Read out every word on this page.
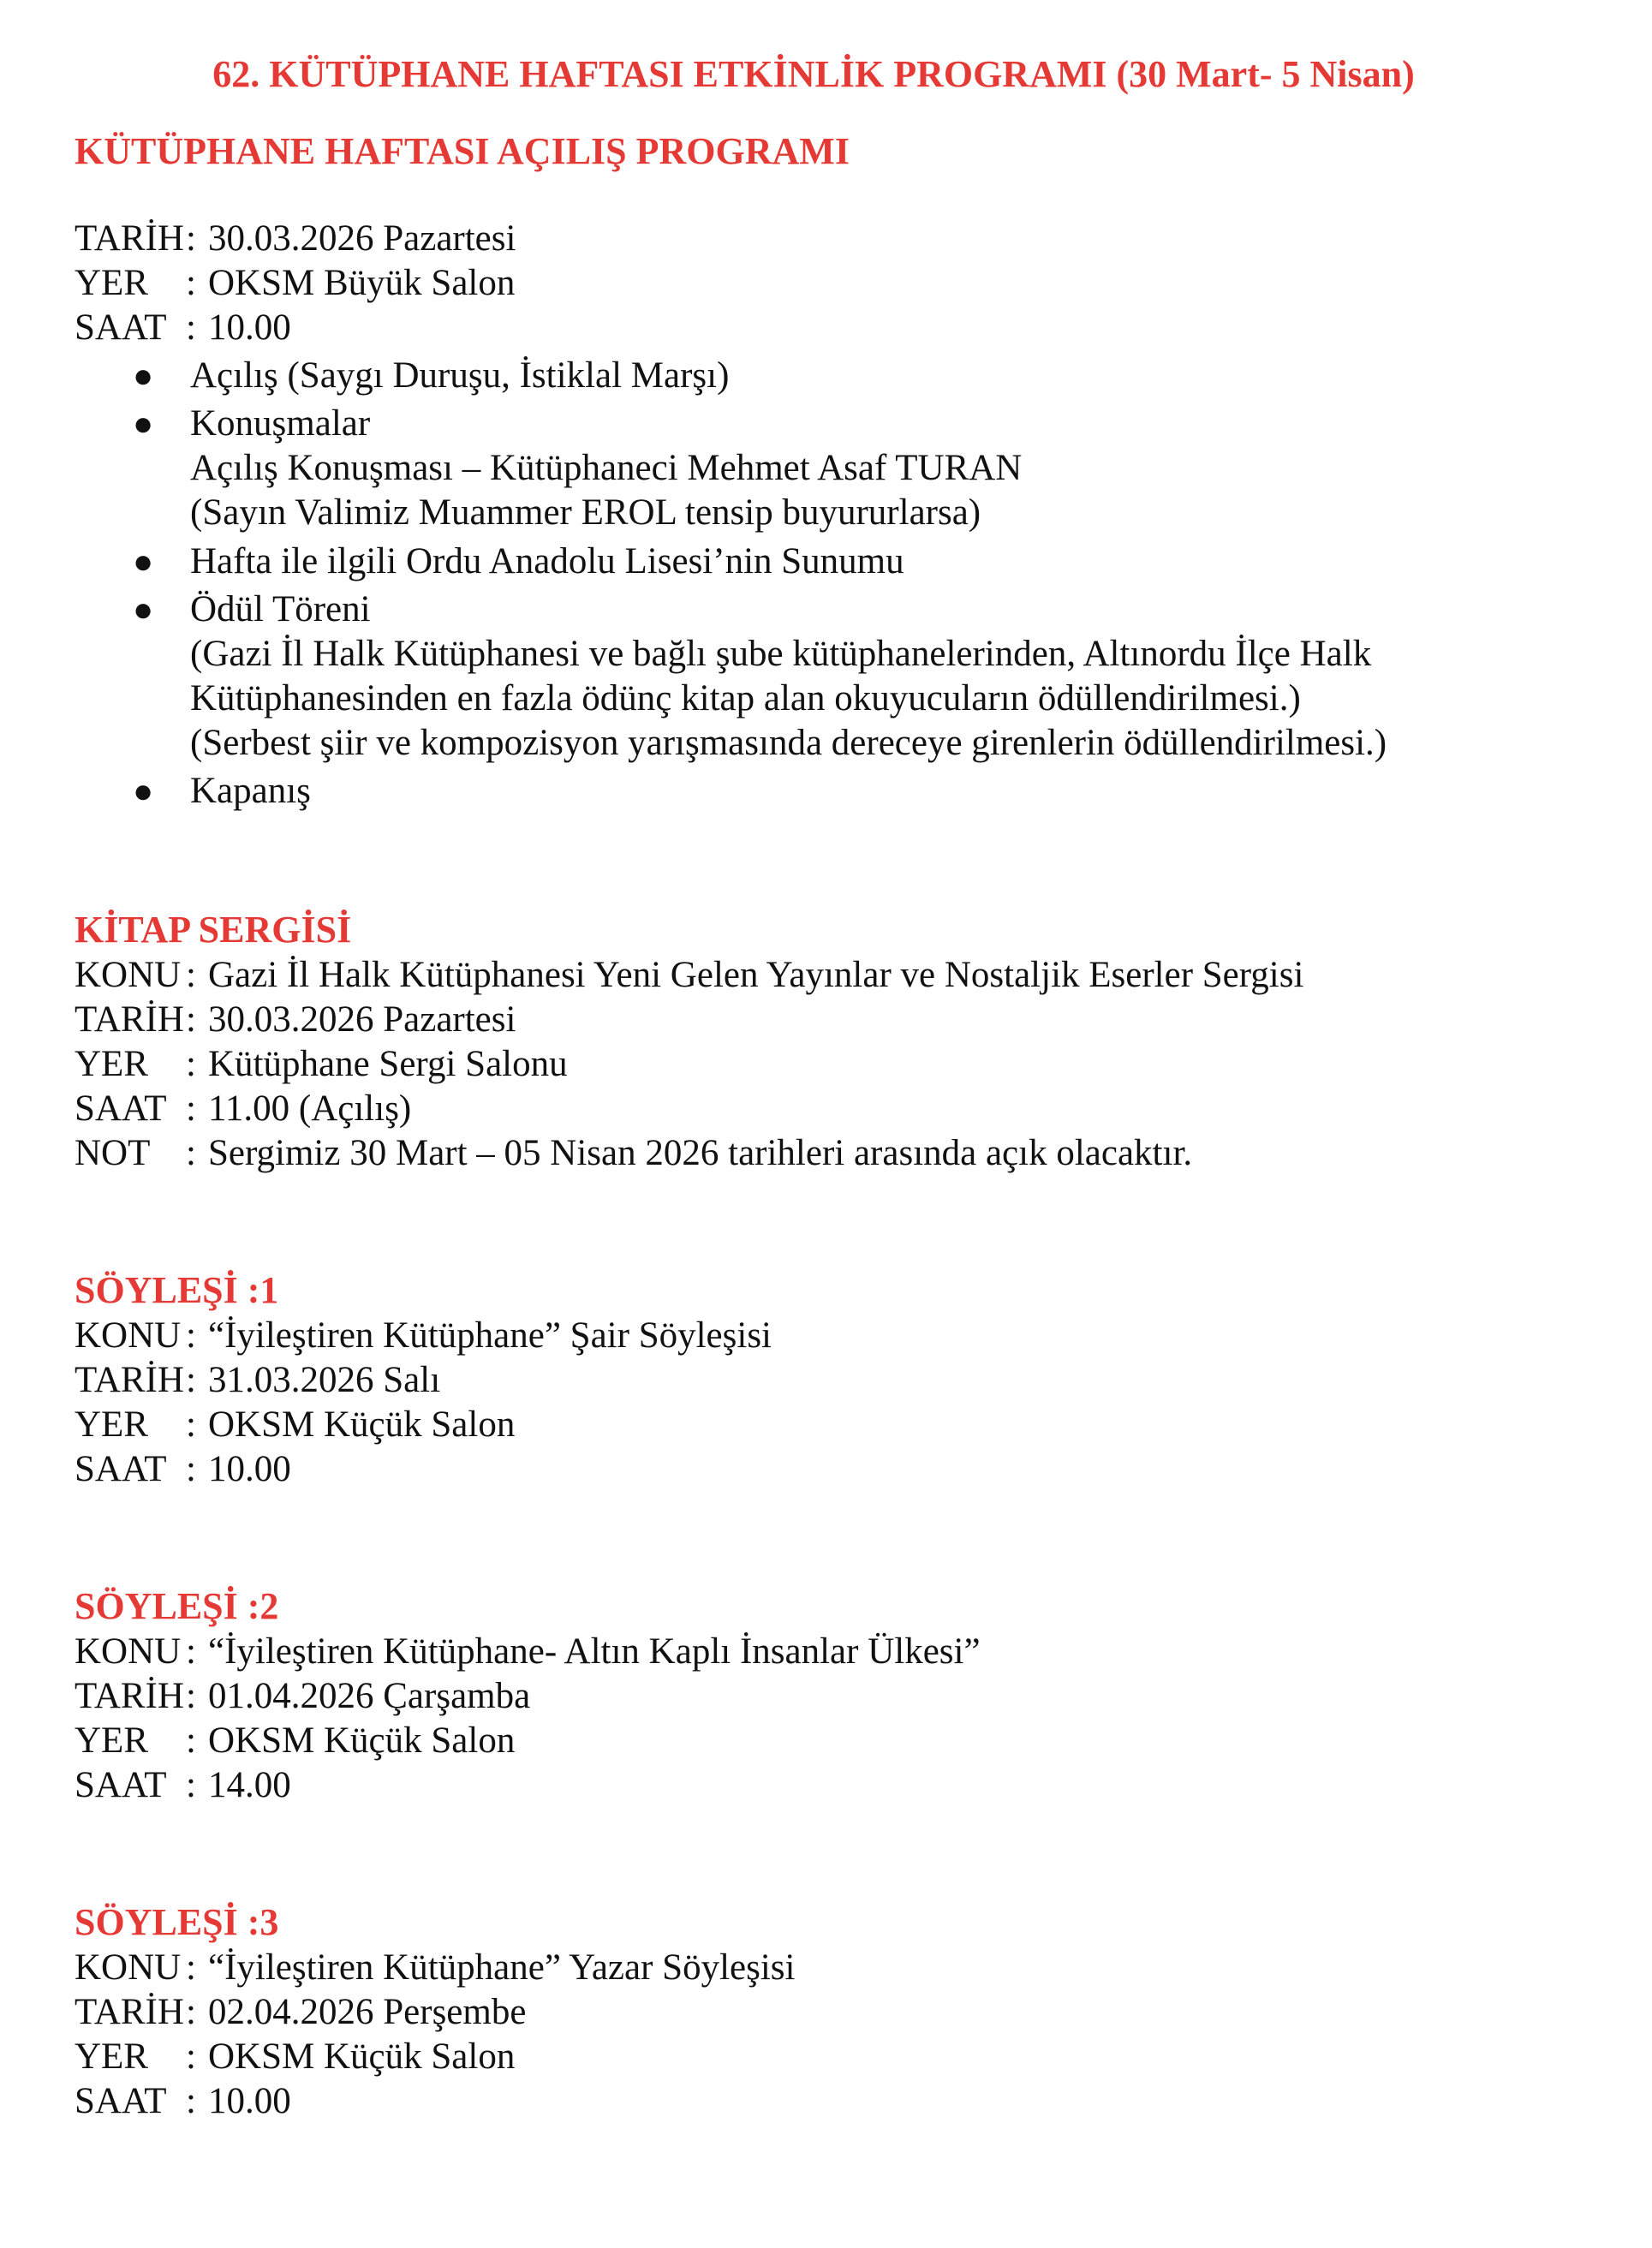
62. KÜTÜPHANE HAFTASI ETKİNLİK PROGRAMI (30 Mart- 5 Nisan)
KÜTÜPHANE HAFTASI AÇILIŞ PROGRAMI
TARİH: 30.03.2026 Pazartesi
YER : OKSM Büyük Salon
SAAT : 10.00
● Açılış (Saygı Duruşu, İstiklal Marşı)
● Konuşmalar
Açılış Konuşması – Kütüphaneci Mehmet Asaf TURAN
(Sayın Valimiz Muammer EROL tensip buyururlarsa)
● Hafta ile ilgili Ordu Anadolu Lisesi’nin Sunumu
● Ödül Töreni
(Gazi İl Halk Kütüphanesi ve bağlı şube kütüphanelerinden, Altınordu İlçe Halk
Kütüphanesinden en fazla ödünç kitap alan okuyucuların ödüllendirilmesi.)
(Serbest şiir ve kompozisyon yarışmasında dereceye girenlerin ödüllendirilmesi.)
● Kapanış
KİTAP SERGİSİ
KONU : Gazi İl Halk Kütüphanesi Yeni Gelen Yayınlar ve Nostaljik Eserler Sergisi
TARİH: 30.03.2026 Pazartesi
YER : Kütüphane Sergi Salonu
SAAT : 11.00 (Açılış)
NOT : Sergimiz 30 Mart – 05 Nisan 2026 tarihleri arasında açık olacaktır.
SÖYLEŞİ :1
KONU : “İyileştiren Kütüphane” Şair Söyleşisi
TARİH: 31.03.2026 Salı
YER : OKSM Küçük Salon
SAAT : 10.00
SÖYLEŞİ :2
KONU : “İyileştiren Kütüphane- Altın Kaplı İnsanlar Ülkesi”
TARİH: 01.04.2026 Çarşamba
YER : OKSM Küçük Salon
SAAT : 14.00
SÖYLEŞİ :3
KONU : “İyileştiren Kütüphane” Yazar Söyleşisi
TARİH: 02.04.2026 Perşembe
YER : OKSM Küçük Salon
SAAT : 10.00
